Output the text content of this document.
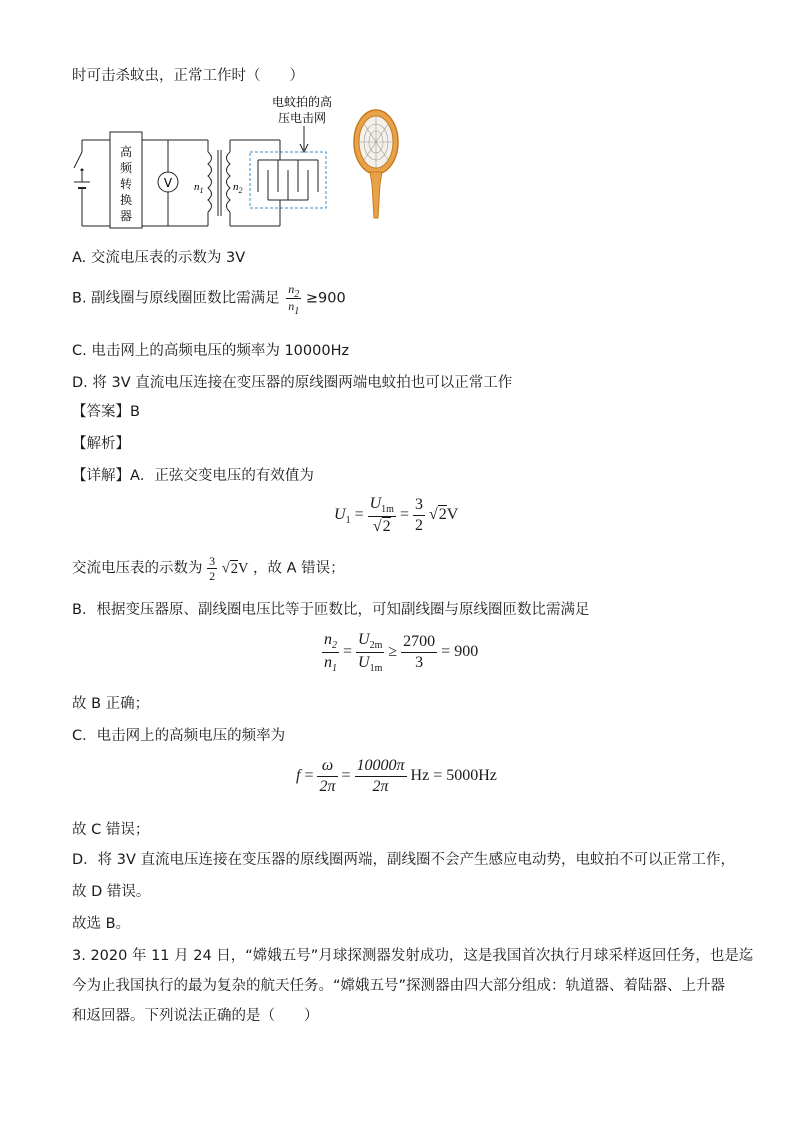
时可击杀蚊虫，正常工作时（　　）
高
频
转
换
器
V $n_1$	$n_2$
电蚊拍的高
压电击网
A. 交流电压表的示数为 3V
B. 副线圈与原线圈匝数比需满足 $\frac{n_2}{n_1} \ge 900$
C. 电击网上的高频电压的频率为 10000Hz
D. 将 3V 直流电压连接在变压器的原线圈两端电蚊拍也可以正常工作
【答案】B
【解析】
【详解】A．正弦交变电压的有效值为
$U_1 = \frac{U_{1m}}{√2} = \frac{3}{2} √2V$
交流电压表的示数为 $\frac{3}{2} √2V$ ，故 A 错误；
B．根据变压器原、副线圈电压比等于匝数比，可知副线圈与原线圈匝数比需满足
$\frac{n_2}{n_1} = \frac{U_{2m}}{U_{1m}} \ge \frac{2700}{3} = 900$
故 B 正确；
C．电击网上的高频电压的频率为
$f = \frac{\omega}{2\pi} = \frac{10000\pi}{2\pi}$ Hz = 5000Hz
故 C 错误；
D．将 3V 直流电压连接在变压器的原线圈两端，副线圈不会产生感应电动势，电蚊拍不可以正常工作，
故 D 错误。
故选 B。
3. 2020 年 11 月 24 日，“嫦娥五号”月球探测器发射成功，这是我国首次执行月球采样返回任务，也是迄
今为止我国执行的最为复杂的航天任务。“嫦娥五号”探测器由四大部分组成：轨道器、着陆器、上升器
和返回器。下列说法正确的是（　　）
